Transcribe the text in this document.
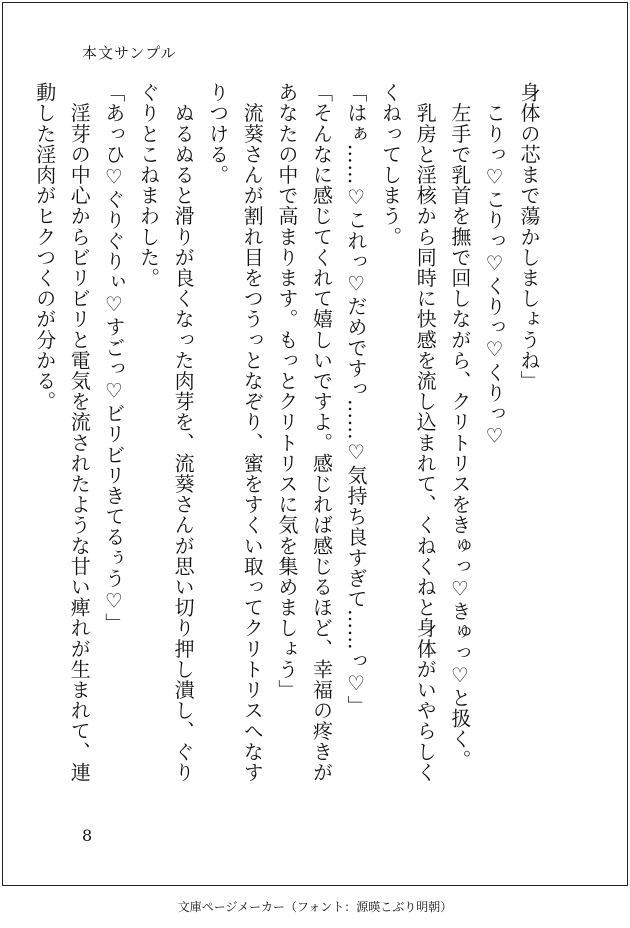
本文サンプル

身体の芯まで蕩かしましょうね」

　こりっ♡こりっ♡くりっ♡くりっ♡

　左手で乳首を撫で回しながら、クリトリスをきゅっ♡きゅっ♡と扱く。

　乳房と淫核から同時に快感を流し込まれて、くねくねと身体がいやらしくくねってしまう。

「はぁ……♡これっ♡だめですっ……♡気持ち良すぎて……っ♡」

「そんなに感じてくれて嬉しいですよ。感じれば感じるほど、幸福の疼きがあなたの中で高まります。もっとクリトリスに気を集めましょう」

　流葵さんが割れ目をつうっとなぞり、蜜をすくい取ってクリトリスへなすりつける。

　ぬるぬると滑りが良くなった肉芽を、流葵さんが思い切り押し潰し、ぐりぐりとこねまわした。

「あっひ♡ぐりぐりぃ♡すごっ♡ビリビリきてるぅう♡」

　淫芽の中心からビリビリと電気を流されたような甘い痺れが生まれて、連動した淫肉がヒクつくのが分かる。

8
文庫ページメーカー（フォント：源暎こぶり明朝）
